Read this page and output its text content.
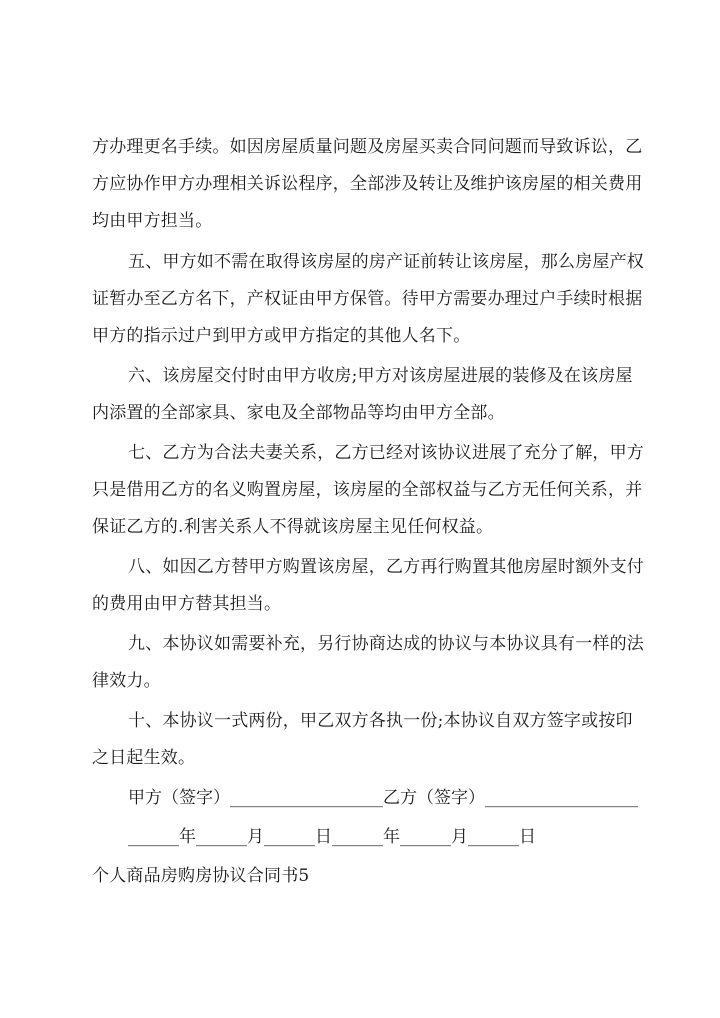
方办理更名手续。如因房屋质量问题及房屋买卖合同问题而导致诉讼，乙
方应协作甲方办理相关诉讼程序，全部涉及转让及维护该房屋的相关费用
均由甲方担当。
五、甲方如不需在取得该房屋的房产证前转让该房屋，那么房屋产权
证暂办至乙方名下，产权证由甲方保管。待甲方需要办理过户手续时根据
甲方的指示过户到甲方或甲方指定的其他人名下。
六、该房屋交付时由甲方收房;甲方对该房屋进展的装修及在该房屋
内添置的全部家具、家电及全部物品等均由甲方全部。
七、乙方为合法夫妻关系，乙方已经对该协议进展了充分了解，甲方
只是借用乙方的名义购置房屋，该房屋的全部权益与乙方无任何关系，并
保证乙方的.利害关系人不得就该房屋主见任何权益。
八、如因乙方替甲方购置该房屋，乙方再行购置其他房屋时额外支付
的费用由甲方替其担当。
九、本协议如需要补充，另行协商达成的协议与本协议具有一样的法
律效力。
十、本协议一式两份，甲乙双方各执一份;本协议自双方签字或按印
之日起生效。
甲方（签字）__________________乙方（签字）__________________
______年______月______日______年______月______日
个人商品房购房协议合同书5
